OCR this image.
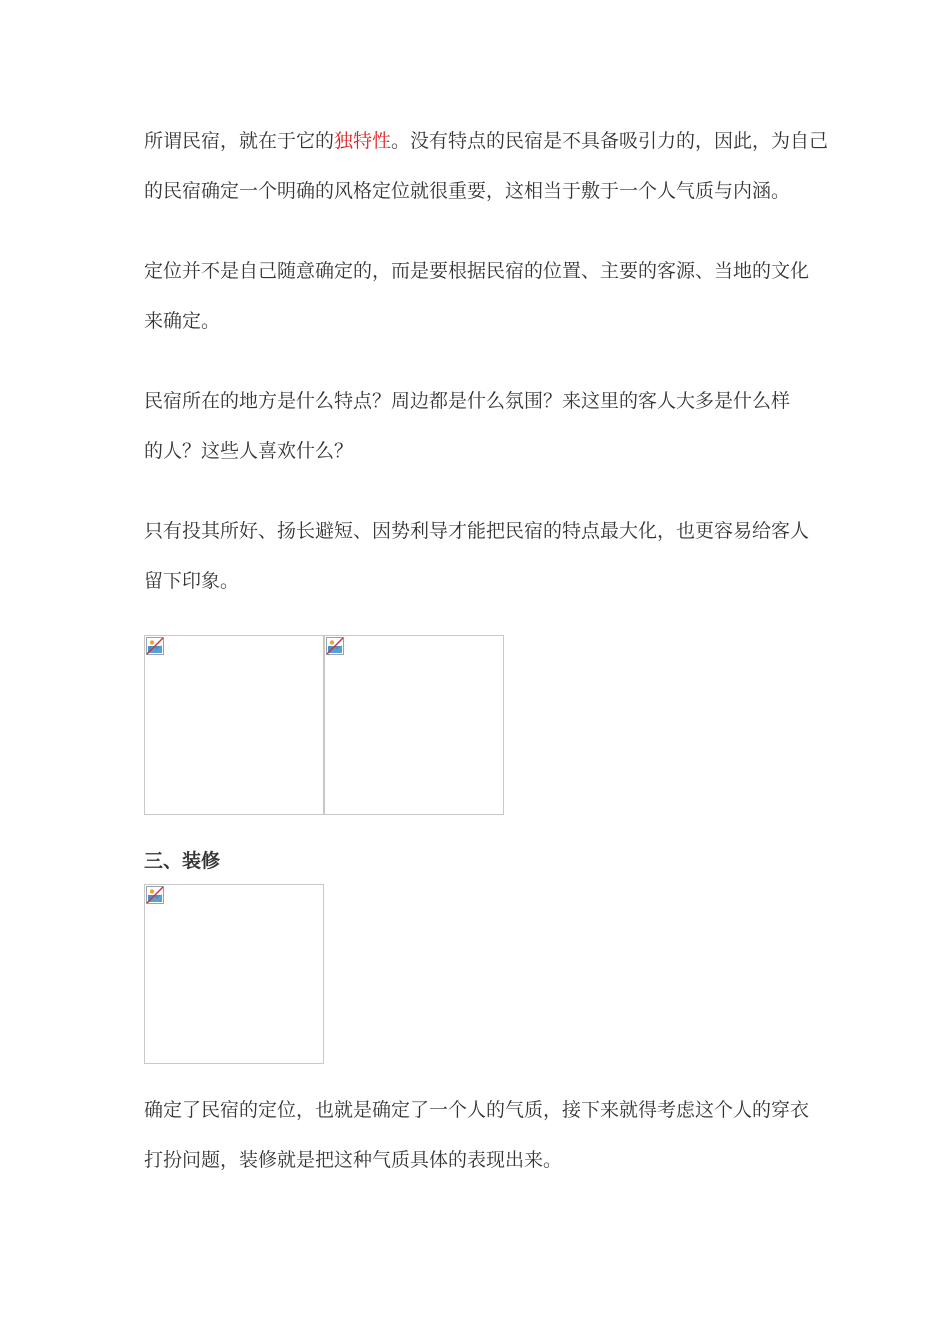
所谓民宿，就在于它的独特性。没有特点的民宿是不具备吸引力的，因此，为自己
的民宿确定一个明确的风格定位就很重要，这相当于敷于一个人气质与内涵。
定位并不是自己随意确定的，而是要根据民宿的位置、主要的客源、当地的文化
来确定。
民宿所在的地方是什么特点？周边都是什么氛围？来这里的客人大多是什么样
的人？这些人喜欢什么？
只有投其所好、扬长避短、因势利导才能把民宿的特点最大化，也更容易给客人
留下印象。
三、装修
确定了民宿的定位，也就是确定了一个人的气质，接下来就得考虑这个人的穿衣
打扮问题，装修就是把这种气质具体的表现出来。
